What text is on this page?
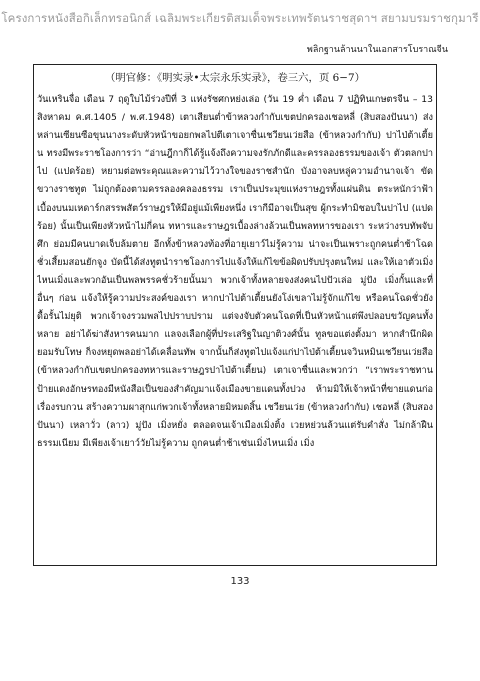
โครงการหนังสือกิเล็กทรอนิกส์ เฉลิมพระเกียรติสมเด็จพระเทพรัตนราชสุดาฯ สยามบรมราชกุมารี
พลิกฐานล้านนาในเอกสารโบราณจีน
（明官修：《明实录•太宗永乐实录》，卷三六，页 6−7）
วันเหรินจื่อ เดือน 7 ฤดูใบไม้ร่วงปีที่ 3 แห่งรัชศกหย่งเล่อ (วัน 19 ค่ำ เดือน 7 ปฏิทินเกษตรจีน – 13 สิงหาคม ค.ศ.1405 / พ.ศ.1948) เตาเสียนต่ำข้าหลวงกำกับเขตปกครองเชอหลี่ (สิบสองปันนา) ส่งหล่านเซียนซือขุนนางระดับหัวหน้าขอยกพลไปตีเตาเจาซื่นเชวียนเว่ยสือ (ข้าหลวงกำกับ) ปาไป่ต้าเตี้ยน ทรงมีพระราชโองการว่า “อ่านฎีกาก็ได้รู้แจ้งถึงความจงรักภักดีและครรลองธรรมของเจ้า ตัวตลกปาไป (แปดร้อย) หยามต่อพระคุณและความไว้วางใจของราชสำนัก บังอาจลบหลู่ความอำนาจเจ้า ขัดขวางราชทูต ไม่ถูกต้องตามครรลองคลองธรรม เราเป็นประมุขแห่งราษฎรทั้งแผ่นดิน ตระหนักว่าฟ้าเบื้องบนมเหดาร์กสรรพสัตว์ราษฎรให้มีอยู่แม้เพียงหนึ่ง เรากีมีอาจเป็นสุข ผู้กระทำมิชอบในปาไป (แปดร้อย) นั้นเป็นเพียงหัวหน้าไม่กี่คน ทหารและราษฎรเบื้องล่างล้วนเป็นพลทหารของเรา ระหว่างรบทัพจับศึก ย่อมมีคนบาดเจ็บล้มตาย อีกทั้งข้าหลวงท้องที่อายุเยาว์ไม่รู้ความ น่าจะเป็นเพราะถูกคนต่ำช้าโฉดชั่วเสี้ยมสอนยักจูง บัดนี้ได้ส่งทูตนำราชโองการไปแจ้งให้แก้ไขข้อผิดปรับปรุงตนใหม่ และให้เอาตัวเมิ่งไหนเมิ่งและพวกอันเป็นพลพรรคชั่วร้ายนั้นมา พวกเจ้าทั้งหลายจงส่งคนไปปัวเล่อ มู่ปัง เมิ่งกั้นและที่อื่นๆ ก่อน แจ้งให้รู้ความประสงค์ของเรา หากปาไปต้าเตี้ยนยังโง่เขลาไม่รู้จักแก้ไข หรือคนโฉดชั่วยังดื้อรั้นไม่ยุติ พวกเจ้าจงรวมพลไปปราบปราม แต่จงจับตัวคนโฉดที่เป็นหัวหน้าแต่พึงปลอบขวัญคนทั้งหลาย อย่าได้ฆ่าสังหารคนมาก แลจงเลือกผู้ที่ประเสริฐในญาติวงศ์นั้น ทูลขอแต่งตั้งมา หากสำนึกผิดยอมรับโทษ ก็จงหยุดพลอย่าได้เคลื่อนทัพ จากนั้นก็ส่งทูตไปแจ้งแก่ปาไป่ต้าเตี้ยนจวินหมินเชวียนเว่ยสือ (ข้าหลวงกำกับเขตปกครองทหารและราษฎรปาไป่ต้าเตี้ยน) เตาเจาซื่นและพวกว่า “เราพระราชทานป้ายแดงอักษรทองมีหนังสือเป็นของสำคัญมาแจ้งเมืองขายแดนทั้งปวง ห้ามมิให้เจ้าหน้าที่ขายแดนก่อเรื่องรบกวน สร้างความผาสุกแก่พวกเจ้าทั้งหลายมิหมดสิ้น เชวียนเว่ย (ข้าหลวงกำกับ) เชอหลี่ (สิบสองปันนา) เหลาวั่ว (ลาว) มู่ปัง เมิ่งหยั่ง ตลอดจนเจ้าเมืองเมิ่งติ้ง เวยหย่วนล้วนแต่รับคำสั่ง ไม่กล้าฝืนธรรมเนียม มีเพียงเจ้าเยาว์วัยไม่รู้ความ ถูกคนต่ำช้าเช่นเมิ่งไหนเมิ่ง เมิ่ง
133
